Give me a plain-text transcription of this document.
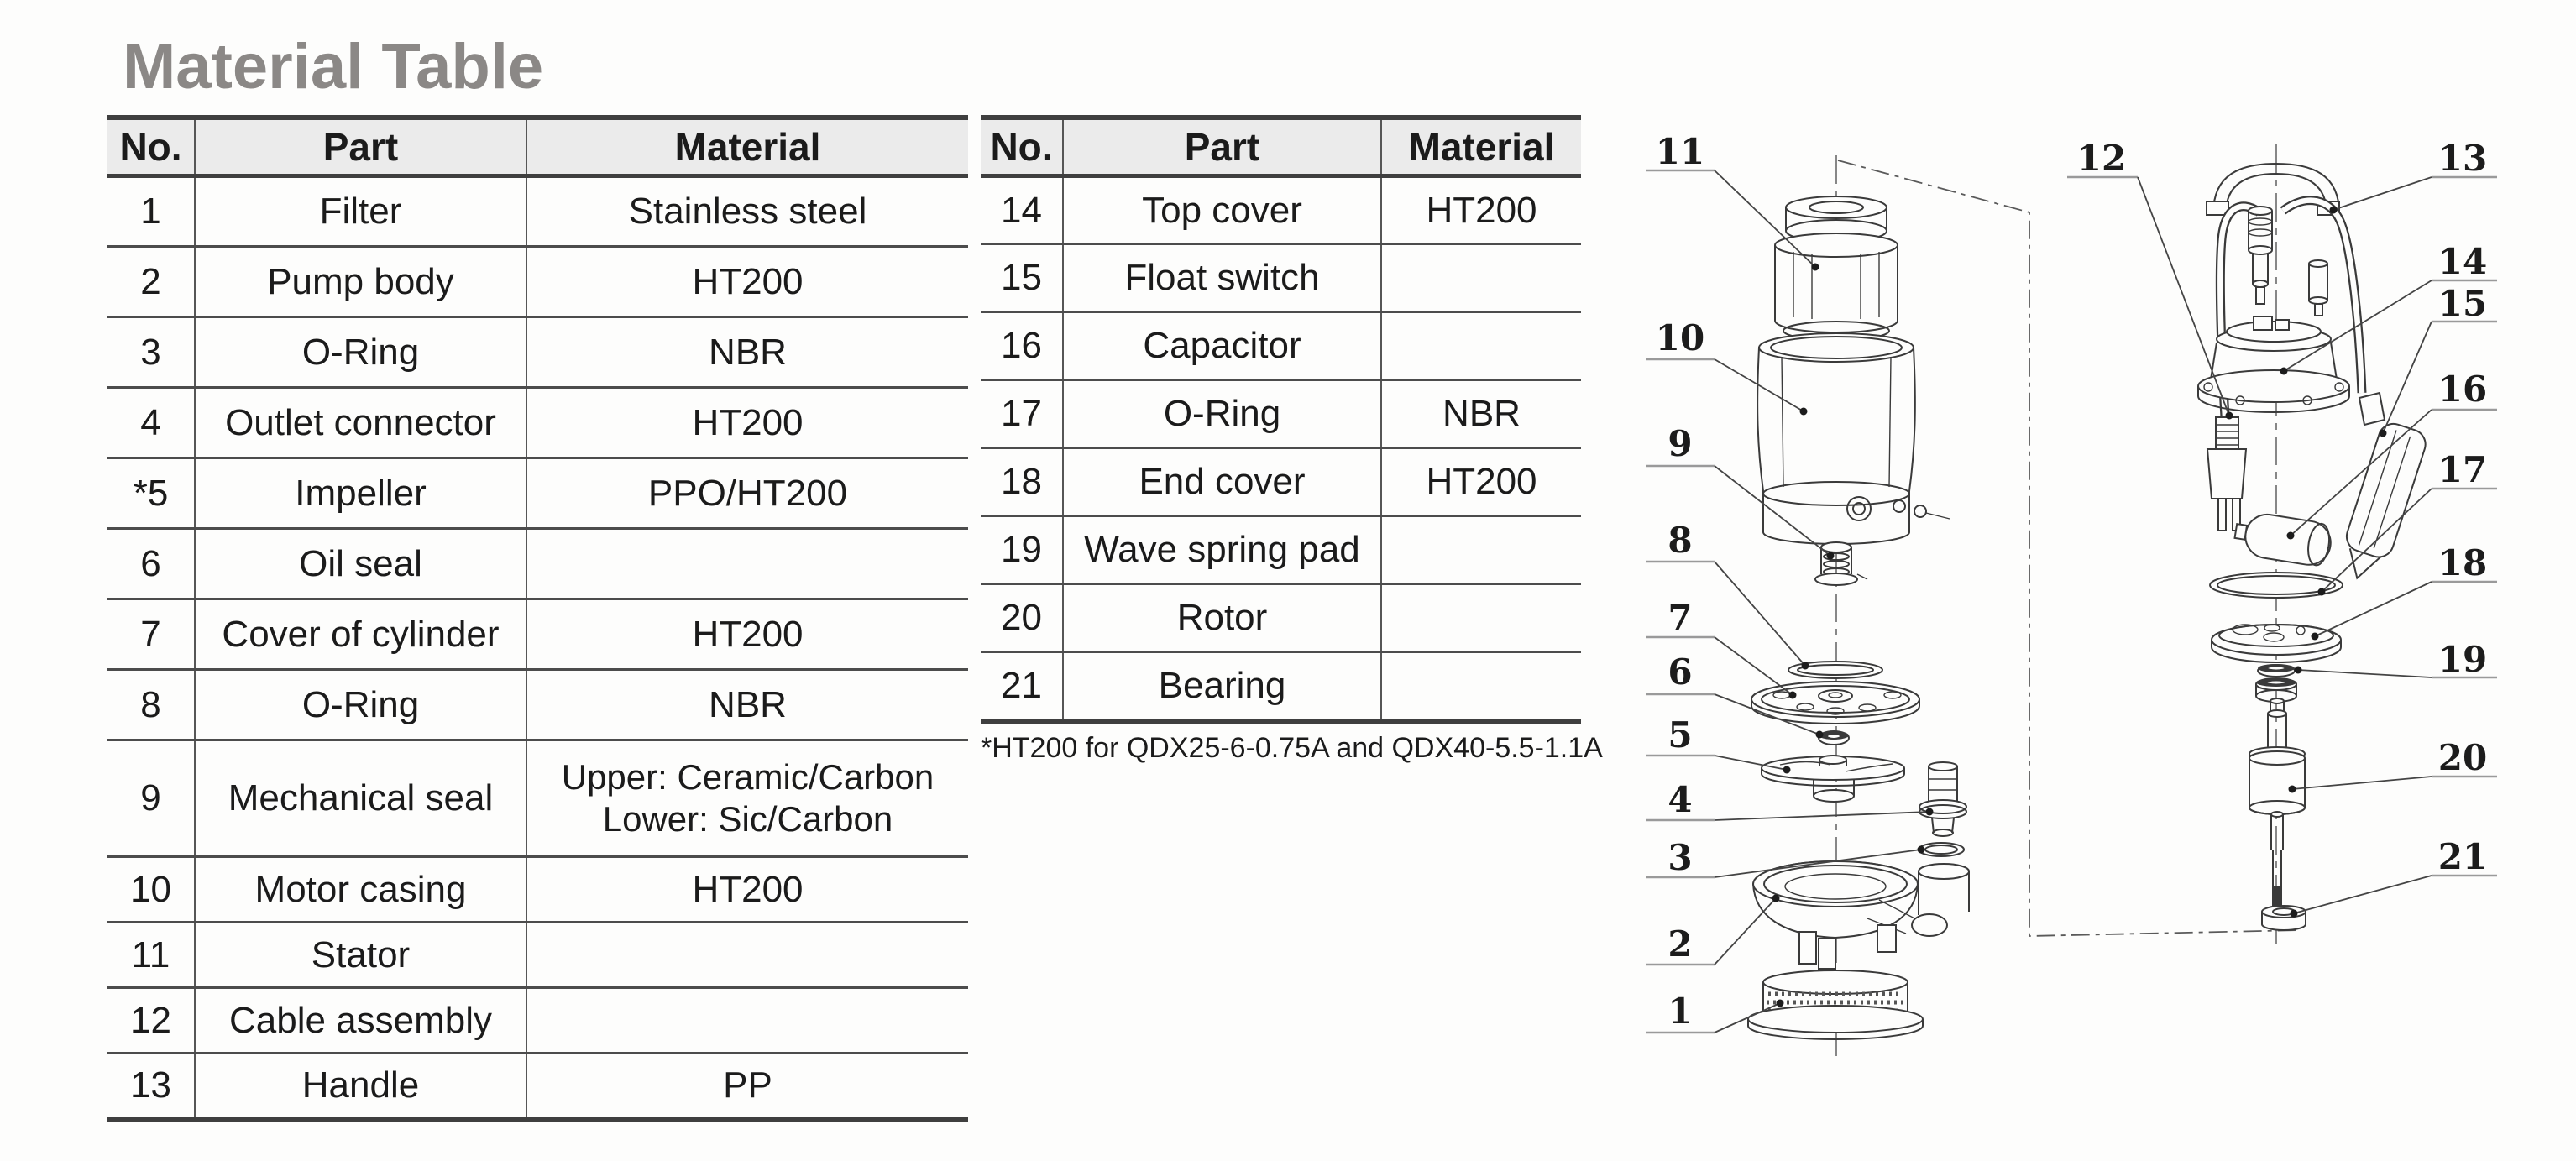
Material Table
No.	Part	Material
1	Filter	Stainless steel
2	Pump body	HT200
3	O-Ring	NBR
4	Outlet connector	HT200
*5	Impeller	PPO/HT200
6	Oil seal	
7	Cover of cylinder	HT200
8	O-Ring	NBR
9	Mechanical seal	Upper: Ceramic/Carbon
Lower: Sic/Carbon
10	Motor casing	HT200
11	Stator	
12	Cable assembly	
13	Handle	PP
No.	Part	Material
14	Top cover	HT200
15	Float switch	
16	Capacitor	
17	O-Ring	NBR
18	End cover	HT200
19	Wave spring pad	
20	Rotor	
21	Bearing	
*HT200 for QDX25-6-0.75A and QDX40-5.5-1.1A
11
10
9
8
7
6
5
4
3
2
1
12	13
14
15
16
17
18
19
20
21
